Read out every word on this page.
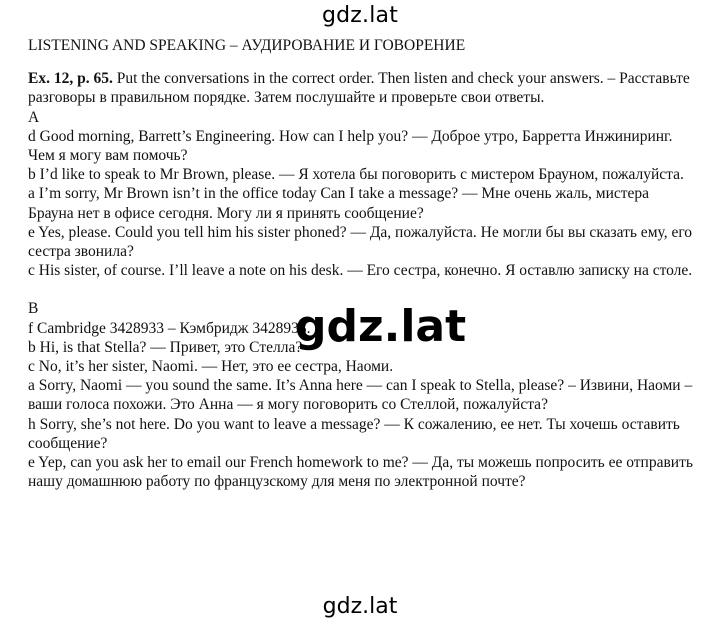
gdz.lat

LISTENING AND SPEAKING – АУДИРОВАНИЕ И ГОВОРЕНИЕ

Ex. 12, p. 65. Put the conversations in the correct order. Then listen and check your answers. – Расставьте разговоры в правильном порядке. Затем послушайте и проверьте свои ответы.

A

d Good morning, Barrett’s Engineering. How can I help you? — Доброе утро, Барретта Инжиниринг. Чем я могу вам помочь?

b I’d like to speak to Mr Brown, please. — Я хотела бы поговорить с мистером Брауном, пожалуйста.

a I’m sorry, Mr Brown isn’t in the office today Can I take a message? — Мне очень жаль, мистера Брауна нет в офисе сегодня. Могу ли я принять сообщение?

e Yes, please. Could you tell him his sister phoned? — Да, пожалуйста. Не могли бы вы сказать ему, его сестра звонила?

c His sister, of course. I’ll leave a note on his desk. — Его сестра, конечно. Я оставлю записку на столе.

B

f Cambridge 3428933 – Кэмбридж 3428933.

b Hi, is that Stella? — Привет, это Стелла?

c No, it’s her sister, Naomi. — Нет, это ее сестра, Наоми.

a Sorry, Naomi — you sound the same. It’s Anna here — can I speak to Stella, please? – Извини, Наоми – ваши голоса похожи. Это Анна — я могу поговорить со Стеллой, пожалуйста?

h Sorry, she’s not here. Do you want to leave a message? — К сожалению, ее нет. Ты хочешь оставить сообщение?

e Yep, can you ask her to email our French homework to me? — Да, ты можешь попросить ее отправить нашу домашнюю работу по французскому для меня по электронной почте?

gdz.lat
gdz.lat
